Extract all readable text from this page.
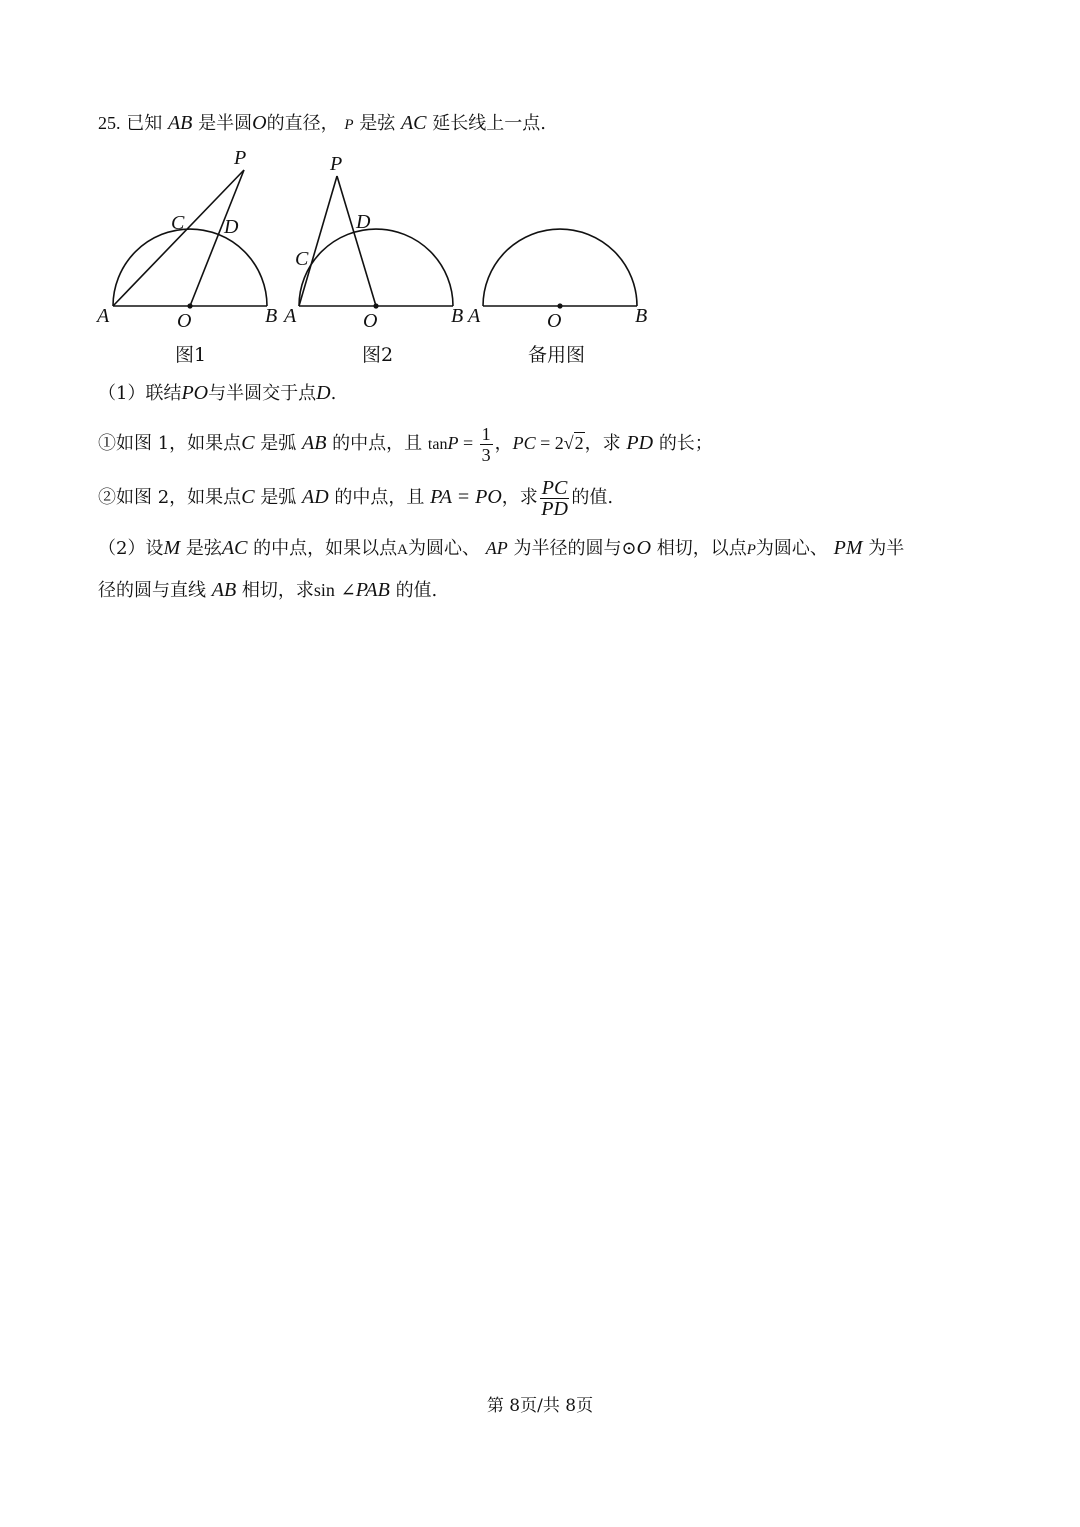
25. 已知 AB 是半圆O的直径， P 是弦 AC 延长线上一点.
P
C D
A	O	B
P
C
D
A	O	B A	O	B
图1	图2	备用图
（1）联结PO与半圆交于点D.
①如图 1，如果点C 是弧 AB 的中点，且 $\tan P = \frac{1}{3}$ ，PC = 2√2，求 PD 的长；
②如图 2，如果点C 是弧 AD 的中点，且 PA = PO，求 $\frac{PC}{PD}$ 的值.
（2）设M 是弦AC 的中点，如果以点A为圆心、 AP 为半径的圆与⊙O 相切，以点P为圆心、 PM 为半
径的圆与直线 AB 相切，求sin ∠PAB 的值.
第 8页/共 8页
